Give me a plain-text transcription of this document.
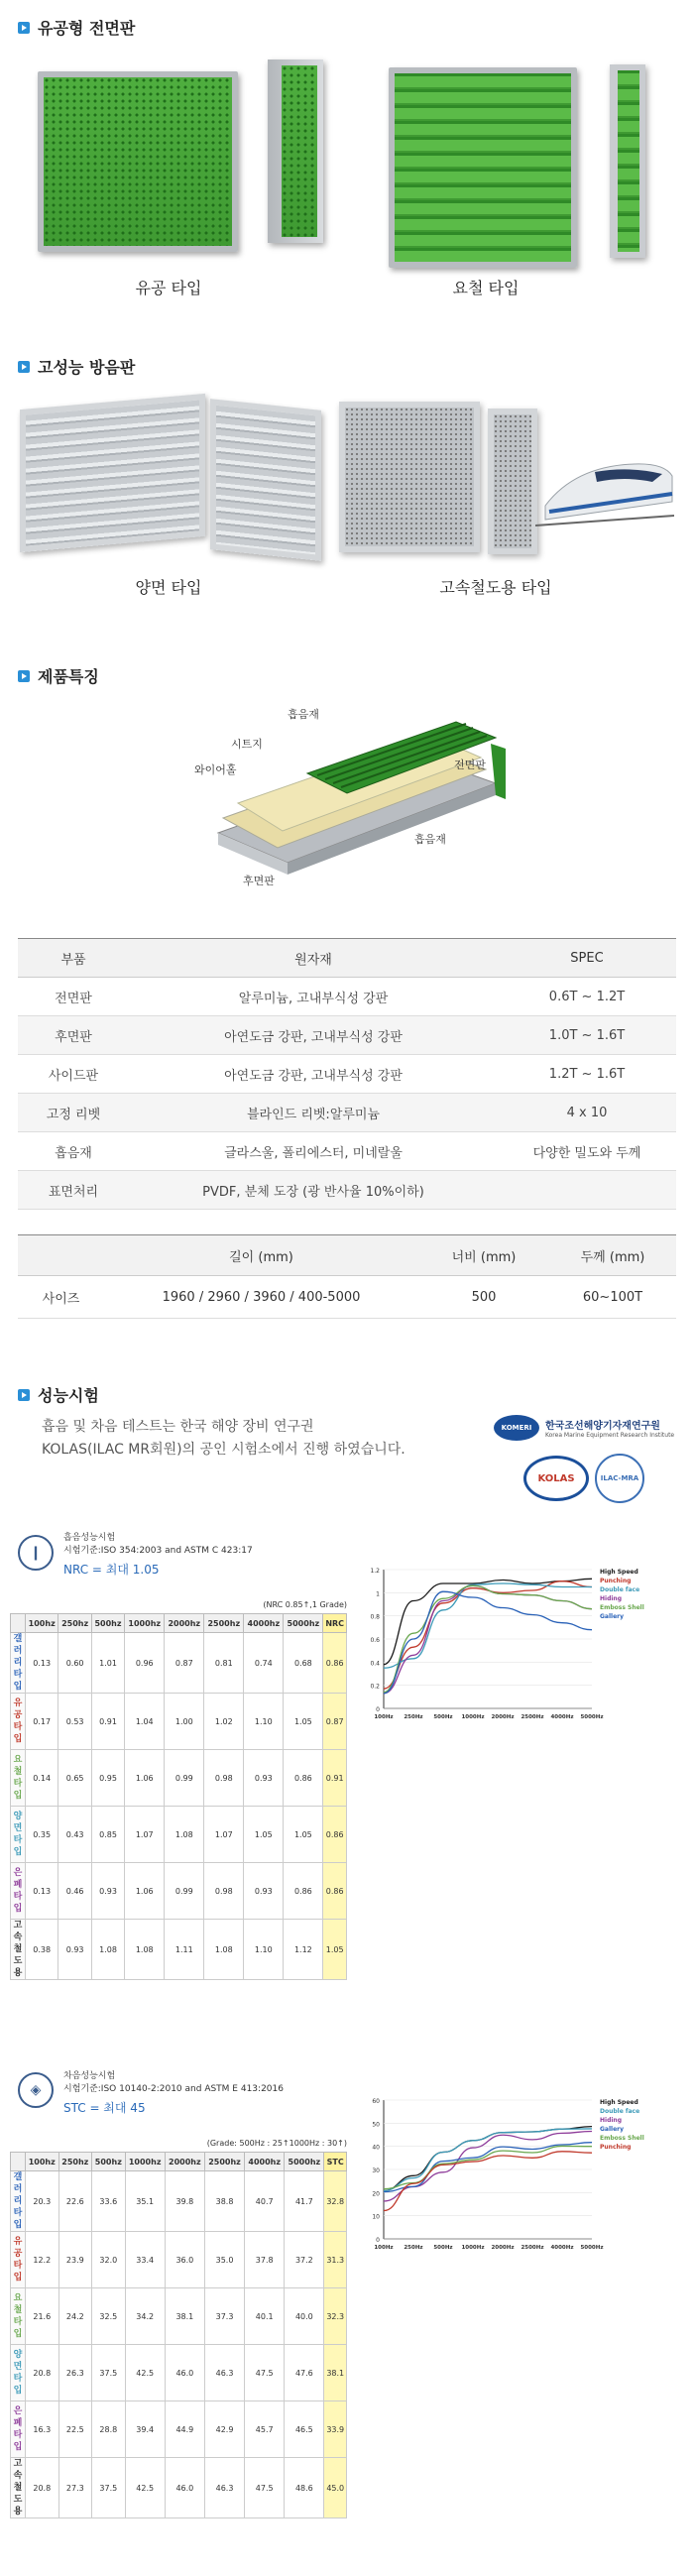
유공형 전면판
유공 타입	요철 타입
고성능 방음판
양면 타입	고속철도용 타입
제품특징
흡음재
시트지
와이어홀	전면판
흡음재
후면판
부품	원자재	SPEC
전면판	알루미늄, 고내부식성 강판	0.6T ~ 1.2T
후면판	아연도금 강판, 고내부식성 강판	1.0T ~ 1.6T
사이드판	아연도금 강판, 고내부식성 강판	1.2T ~ 1.6T
고정 리벳	블라인드 리벳:알루미늄	4 x 10
흡음재	글라스울, 폴리에스터, 미네랄울	다양한 밀도와 두께
표면처리	PVDF, 분체 도장 (광 반사율 10%이하)	
	길이 (mm)	너비 (mm)	두께 (mm)
사이즈	1960 / 2960 / 3960 / 400-5000	500	60~100T
성능시험
흡음 및 차음 테스트는 한국 해양 장비 연구권
KOLAS(ILAC MR회원)의 공인 시험소에서 진행 하였습니다.
KOMERI	한국조선해양기자재연구원
Korea Marine Equipment Research Institute
KOLAS	ILAC-MRA
❙
흡음성능시험
시험기준:ISO 354:2003 and ASTM C 423:17
NRC = 최대 1.05
(NRC 0.85↑,1 Grade)
	100hz	250hz	500hz	1000hz	2000hz	2500hz	4000hz	5000hz	NRC
갤
러
리
타
입	0.13	0.60	1.01	0.96	0.87	0.81	0.74	0.68	0.86
유
공
타
입	0.17	0.53	0.91	1.04	1.00	1.02	1.10	1.05	0.87
요
철
타
입	0.14	0.65	0.95	1.06	0.99	0.98	0.93	0.86	0.91
양
면
타
입	0.35	0.43	0.85	1.07	1.08	1.07	1.05	1.05	0.86
은
폐
타
입	0.13	0.46	0.93	1.06	0.99	0.98	0.93	0.86	0.86
고
속
철
도
용	0.38	0.93	1.08	1.08	1.11	1.08	1.10	1.12	1.05
0
0.2
0.4
0.6
0.8
1
1.2
100Hz 250Hz 500Hz 1000Hz 2000Hz 2500Hz 4000Hz 5000Hz
High Speed
Punching
Double face
Hiding
Emboss Shell
Gallery
◈
차음성능시험
시험기준:ISO 10140-2:2010 and ASTM E 413:2016
STC = 최대 45
(Grade: 500Hz : 25↑1000Hz : 30↑)
	100hz	250hz	500hz	1000hz	2000hz	2500hz	4000hz	5000hz	STC
갤
러
리
타
입	20.3	22.6	33.6	35.1	39.8	38.8	40.7	41.7	32.8
유
공
타
입	12.2	23.9	32.0	33.4	36.0	35.0	37.8	37.2	31.3
요
철
타
입	21.6	24.2	32.5	34.2	38.1	37.3	40.1	40.0	32.3
양
면
타
입	20.8	26.3	37.5	42.5	46.0	46.3	47.5	47.6	38.1
은
폐
타
입	16.3	22.5	28.8	39.4	44.9	42.9	45.7	46.5	33.9
고
속
철
도
용	20.8	27.3	37.5	42.5	46.0	46.3	47.5	48.6	45.0
0
10
20
30
40
50
60
100Hz 250Hz 500Hz 1000Hz 2000Hz 2500Hz 4000Hz 5000Hz
High Speed
Double face
Hiding
Gallery
Emboss Shell
Punching
